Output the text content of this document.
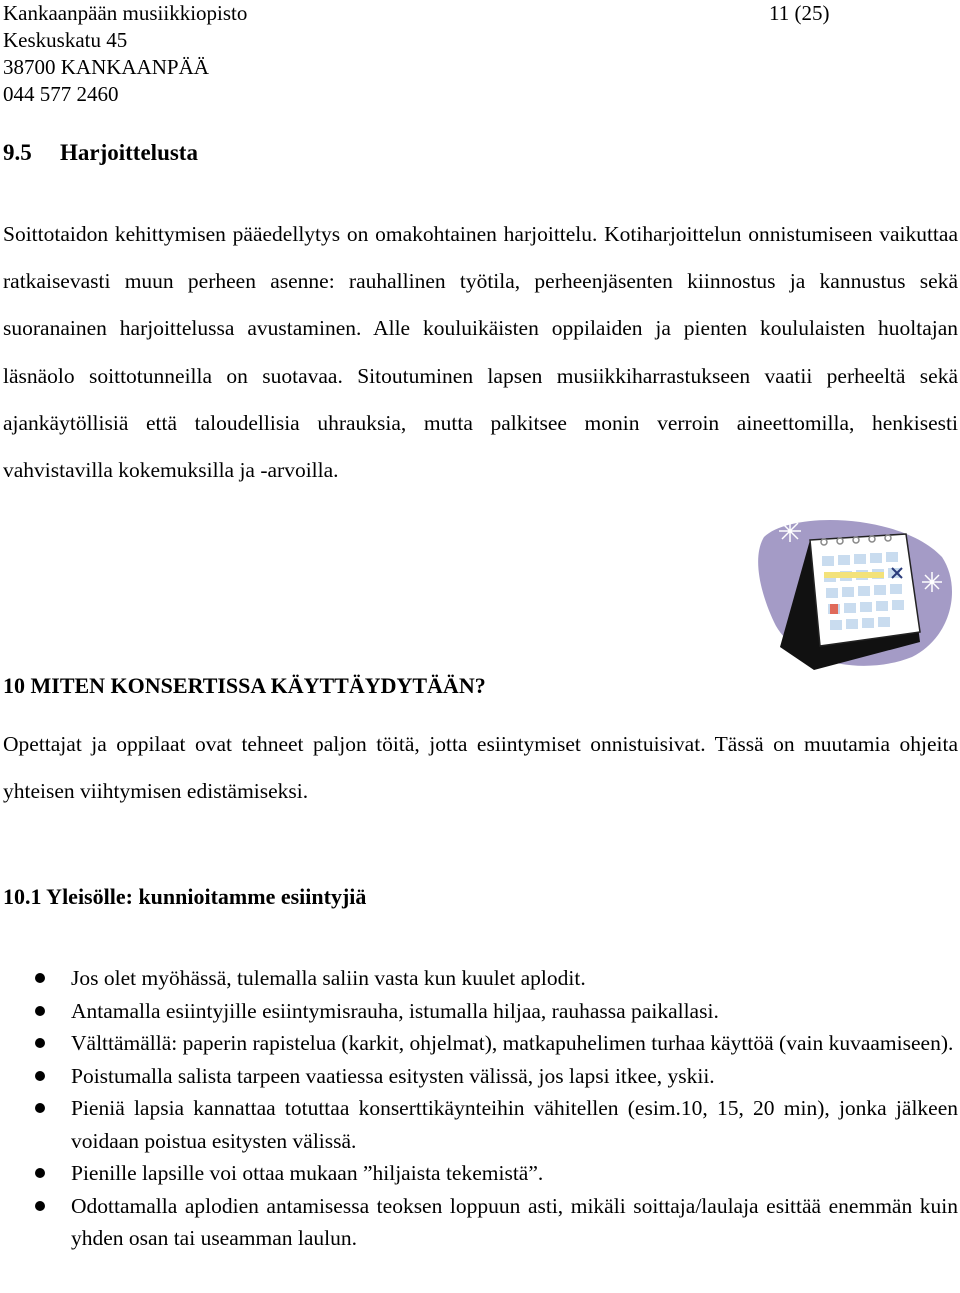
Kankaanpään musiikkiopisto
Keskuskatu 45
38700 KANKAANPÄÄ
044 577 2460
11 (25)
9.5 Harjoittelusta

Soittotaidon kehittymisen pääedellytys on omakohtainen harjoittelu. Kotiharjoittelun onnistumiseen vaikuttaa ratkaisevasti muun perheen asenne: rauhallinen työtila, perheenjäsenten kiinnostus ja kannustus sekä suoranainen harjoittelussa avustaminen. Alle kouluikäisten oppilaiden ja pienten koululaisten huoltajan läsnäolo soittotunneilla on suotavaa. Sitoutuminen lapsen musiikkiharrastukseen vaatii perheeltä sekä ajankäytöllisiä että taloudellisia uhrauksia, mutta palkitsee monin verroin aineettomilla, henkisesti vahvistavilla kokemuksilla ja -arvoilla.

10 MITEN KONSERTISSA KÄYTTÄYDYTÄÄN?

Opettajat ja oppilaat ovat tehneet paljon töitä, jotta esiintymiset onnistuisivat. Tässä on muutamia ohjeita yhteisen viihtymisen edistämiseksi.

10.1 Yleisölle: kunnioitamme esiintyjiä
Jos olet myöhässä, tulemalla saliin vasta kun kuulet aplodit.
Antamalla esiintyjille esiintymisrauha, istumalla hiljaa, rauhassa paikallasi.
Välttämällä: paperin rapistelua (karkit, ohjelmat), matkapuhelimen turhaa käyttöä (vain kuvaamiseen).
Poistumalla salista tarpeen vaatiessa esitysten välissä, jos lapsi itkee, yskii.
Pieniä lapsia kannattaa totuttaa konserttikäynteihin vähitellen (esim.10, 15, 20 min), jonka jälkeen voidaan poistua esitysten välissä.
Pienille lapsille voi ottaa mukaan ”hiljaista tekemistä”.
Odottamalla aplodien antamisessa teoksen loppuun asti, mikäli soittaja/laulaja esittää enemmän kuin yhden osan tai useamman laulun.
